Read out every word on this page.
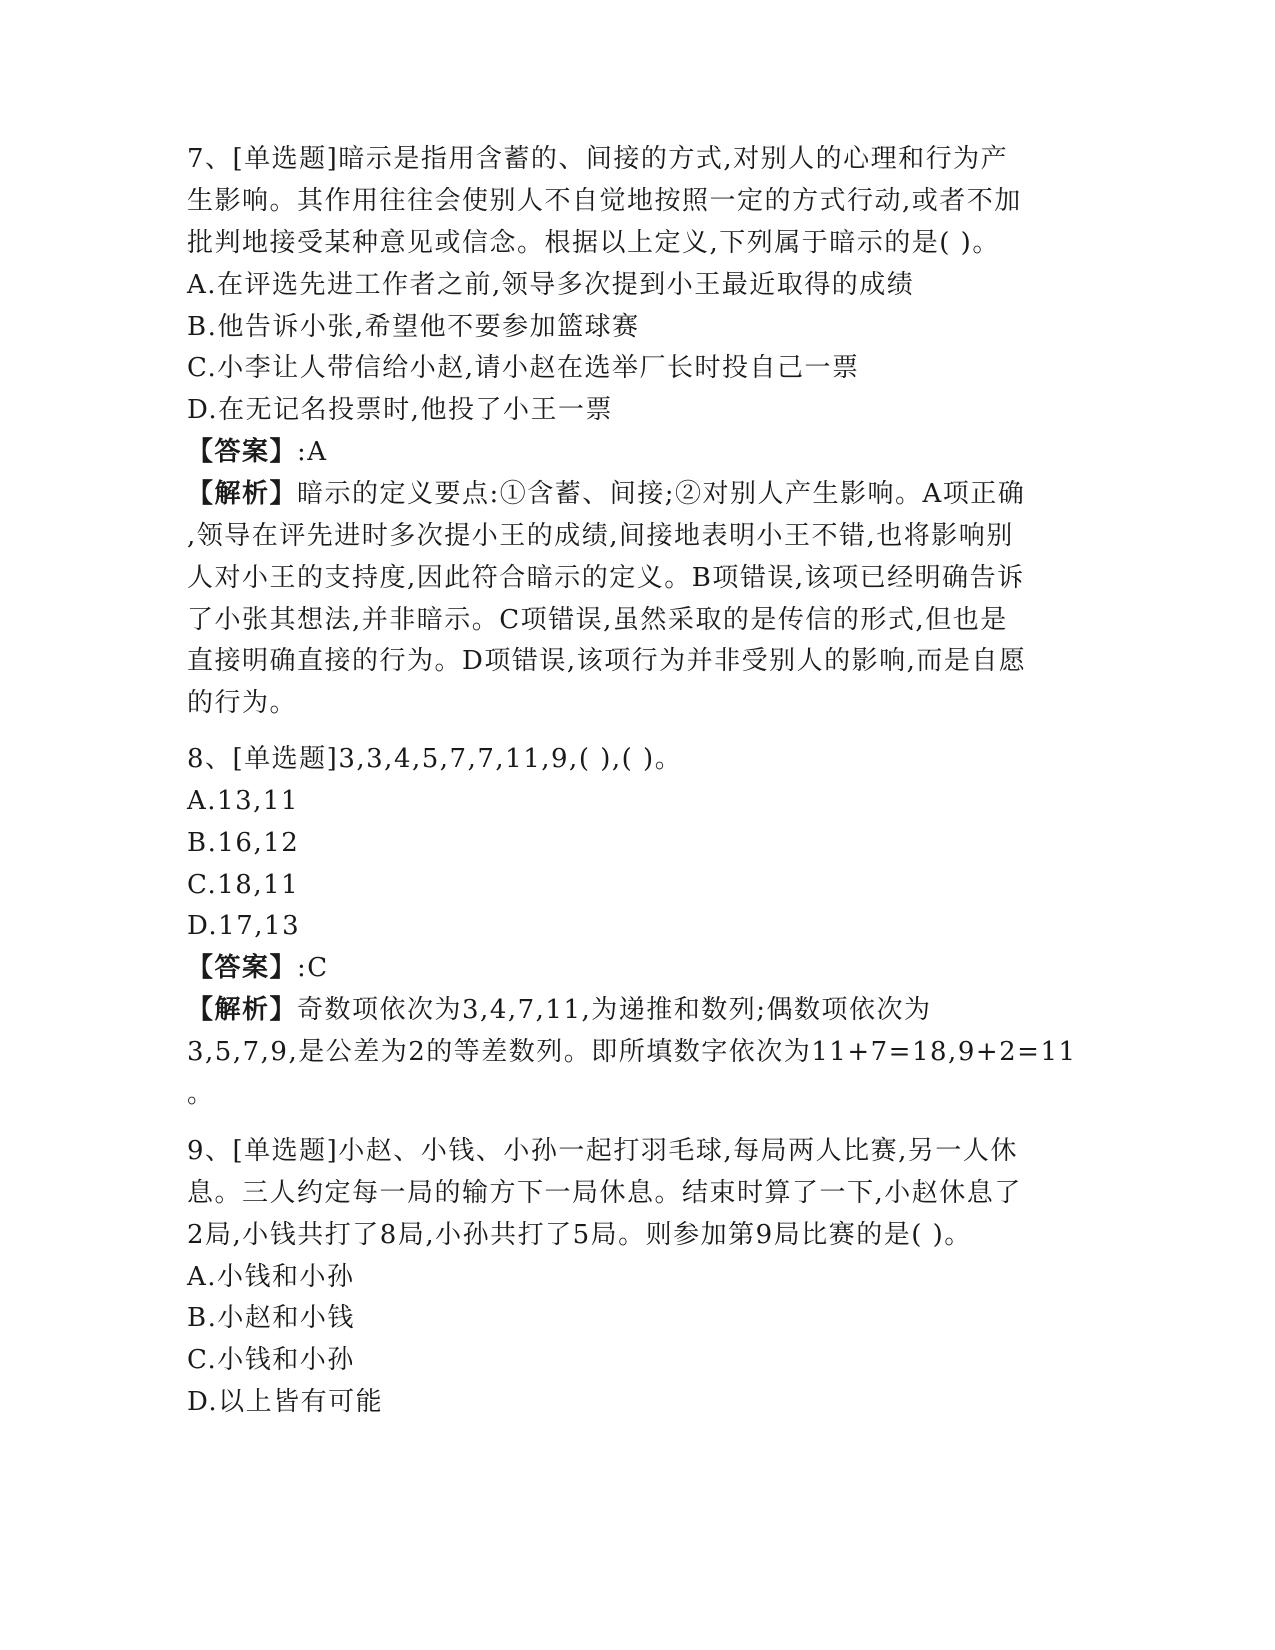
7、[单选题]暗示是指用含蓄的、间接的方式,对别人的心理和行为产
生影响。其作用往往会使别人不自觉地按照一定的方式行动,或者不加
批判地接受某种意见或信念。根据以上定义,下列属于暗示的是( )。
A.在评选先进工作者之前,领导多次提到小王最近取得的成绩
B.他告诉小张,希望他不要参加篮球赛
C.小李让人带信给小赵,请小赵在选举厂长时投自己一票
D.在无记名投票时,他投了小王一票
【答案】:A
【解析】暗示的定义要点:①含蓄、间接;②对别人产生影响。A项正确
,领导在评先进时多次提小王的成绩,间接地表明小王不错,也将影响别
人对小王的支持度,因此符合暗示的定义。B项错误,该项已经明确告诉
了小张其想法,并非暗示。C项错误,虽然采取的是传信的形式,但也是
直接明确直接的行为。D项错误,该项行为并非受别人的影响,而是自愿
的行为。
8、[单选题]3,3,4,5,7,7,11,9,( ),( )。
A.13,11
B.16,12
C.18,11
D.17,13
【答案】:C
【解析】奇数项依次为3,4,7,11,为递推和数列;偶数项依次为
3,5,7,9,是公差为2的等差数列。即所填数字依次为11+7=18,9+2=11
。
9、[单选题]小赵、小钱、小孙一起打羽毛球,每局两人比赛,另一人休
息。三人约定每一局的输方下一局休息。结束时算了一下,小赵休息了
2局,小钱共打了8局,小孙共打了5局。则参加第9局比赛的是( )。
A.小钱和小孙
B.小赵和小钱
C.小钱和小孙
D.以上皆有可能
